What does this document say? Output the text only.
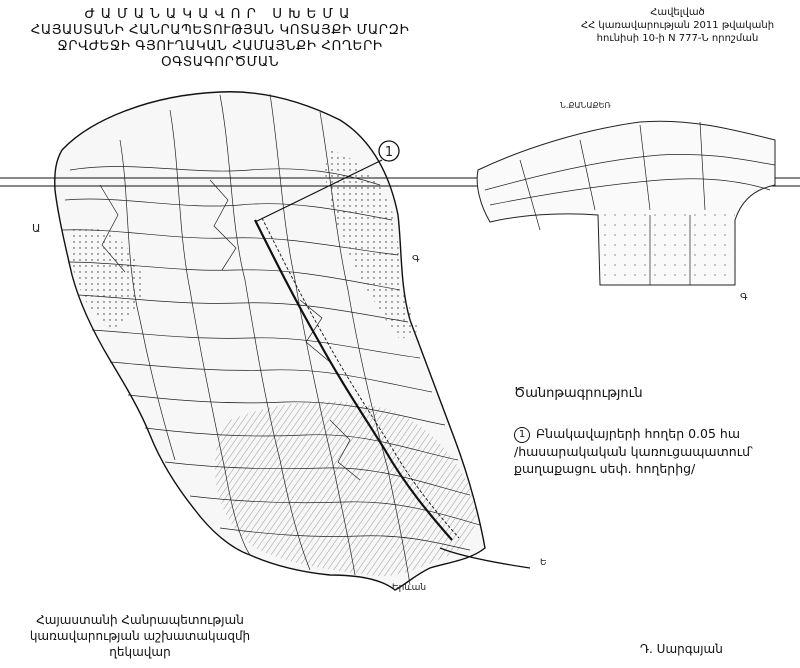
ԺԱՄԱՆԱԿԱՎՈՐ ՍԽԵՄԱ
ՀԱՅԱՍՏԱՆԻ ՀԱՆՐԱՊԵՏՈՒԹՅԱՆ ԿՈՏԱՅՔԻ ՄԱՐԶԻ
ՋՐՎԺԵՋԻ ԳՅՈՒՂԱԿԱՆ ՀԱՄԱՅՆՔԻ ՀՈՂԵՐԻ
ՕԳՏԱԳՈՐԾՄԱՆ
Հավելված
ՀՀ կառավարության 2011 թվականի
հունիսի 10-ի N 777-Ն որոշման
1
Ա
Գ
Գ
Ն.ՔԱՆԱՔԵՌ
Երևան
Ե
Ծանոթագրություն
1 Բնակավայրերի հողեր 0.05 հա
/հասարակական կառուցապատում՝
քաղաքացու սեփ. հողերից/
Հայաստանի Հանրապետության
կառավարության աշխատակազմի
ղեկավար	Դ. Սարգսյան
